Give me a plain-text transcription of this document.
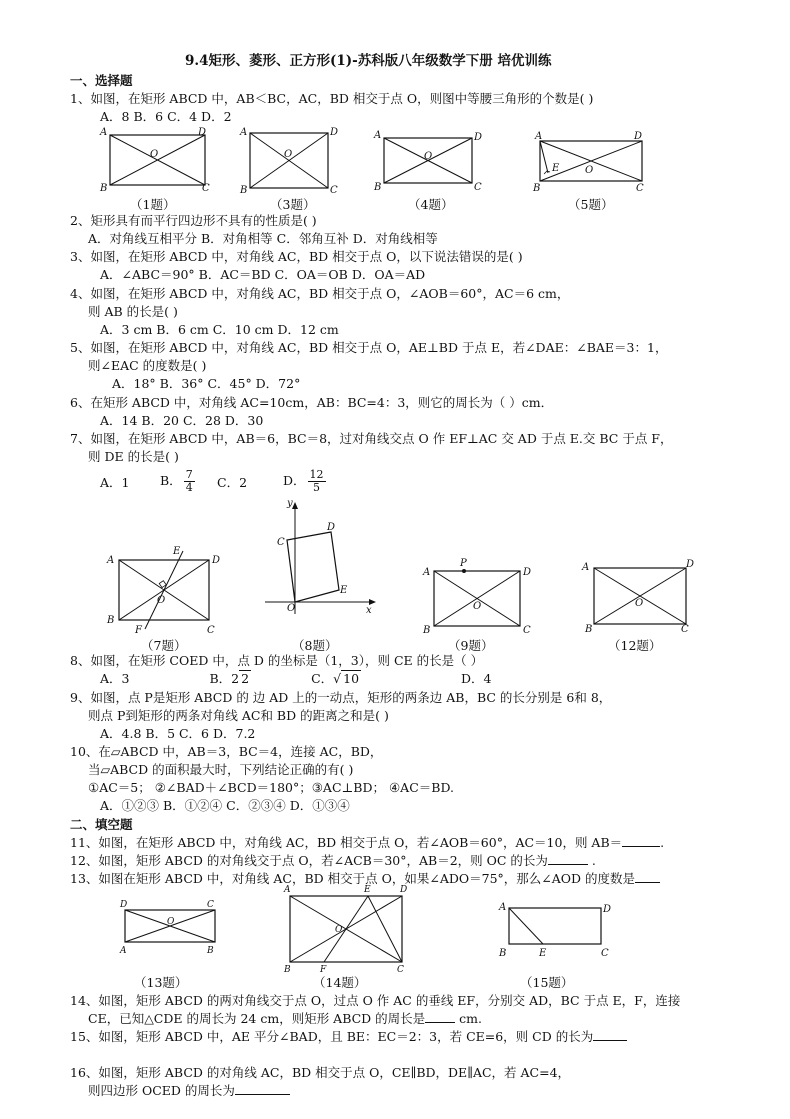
9.4矩形、菱形、正方形(1)-苏科版八年级数学下册 培优训练
一、选择题
1、如图，在矩形 ABCD 中，AB＜BC，AC，BD 相交于点 O，则图中等腰三角形的个数是( )
A．8 B．6 C．4 D．2
A	D
B	C
O
（1题）
A	D
B	C
O
（3题）
A	D
B	C
O
（4题）
A	D
B	C
E	O
（5题）
2、矩形具有而平行四边形不具有的性质是( )
A．对角线互相平分 B．对角相等 C．邻角互补 D．对角线相等
3、如图，在矩形 ABCD 中，对角线 AC，BD 相交于点 O，以下说法错误的是( )
A．∠ABC＝90° B．AC＝BD C．OA＝OB D．OA＝AD
4、如图，在矩形 ABCD 中，对角线 AC，BD 相交于点 O，∠AOB＝60°，AC＝6 cm，
则 AB 的长是( )
A．3 cm B．6 cm C．10 cm D．12 cm
5、如图，在矩形 ABCD 中，对角线 AC，BD 相交于点 O，AE⊥BD 于点 E，若∠DAE：∠BAE＝3：1，
则∠EAC 的度数是( )
A．18° B．36° C．45° D．72°
6、在矩形 ABCD 中，对角线 AC=10cm，AB：BC=4：3，则它的周长为（ ）cm．
A．14 B．20 C．28 D．30
7、如图，在矩形 ABCD 中，AB＝6，BC＝8，过对角线交点 O 作 EF⊥AC 交 AD 于点 E.交 BC 于点 F，
则 DE 的长是( )
A．1 B． $\frac{7}{4}$ C．2	D． $\frac{12}{5}$
A	D
B
C
E
F
O
（7题）
y
x
O
C
D
E
（8题）
A
P
D
B	C
O
（9题）
A	D
B	C
O
（12题）
8、如图，在矩形 COED 中，点 D 的坐标是（1，3），则 CE 的长是（ ）
A．3	B．2 2	C．√ 10	D．4
9、如图，点 P是矩形 ABCD 的 边 AD 上的一动点，矩形的两条边 AB，BC 的长分别是 6和 8，
则点 P到矩形的两条对角线 AC和 BD 的距离之和是( )
A．4.8 B．5 C．6 D．7.2
10、在▱ABCD 中，AB＝3，BC＝4，连接 AC，BD，
当▱ABCD 的面积最大时，下列结论正确的有( )
①AC＝5； ②∠BAD＋∠BCD＝180°；③AC⊥BD； ④AC＝BD.
A．①②③ B．①②④ C．②③④ D．①③④
二、填空题
11、如图，在矩形 ABCD 中，对角线 AC，BD 相交于点 O，若∠AOB＝60°，AC＝10，则 AB＝	.
12、如图，矩形 ABCD 的对角线交于点 O，若∠ACB＝30°，AB＝2，则 OC 的长为	.
13、如图在矩形 ABCD 中，对角线 AC，BD 相交于点 O，如果∠ADO＝75°，那么∠AOD 的度数是
D	C
A	B
O
（13题）
A	E	D
B	F	C
O
（14题）
A	D
B	E	C
（15题）
14、如图，矩形 ABCD 的两对角线交于点 O，过点 O 作 AC 的垂线 EF，分别交 AD，BC 于点 E，F，连接
CE，已知△CDE 的周长为 24 cm，则矩形 ABCD 的周长是	cm.
15、如图，矩形 ABCD 中，AE 平分∠BAD，且 BE：EC＝2：3，若 CE=6，则 CD 的长为
16、如图，矩形 ABCD 的对角线 AC，BD 相交于点 O，CE∥BD，DE∥AC，若 AC=4，
则四边形 OCED 的周长为
